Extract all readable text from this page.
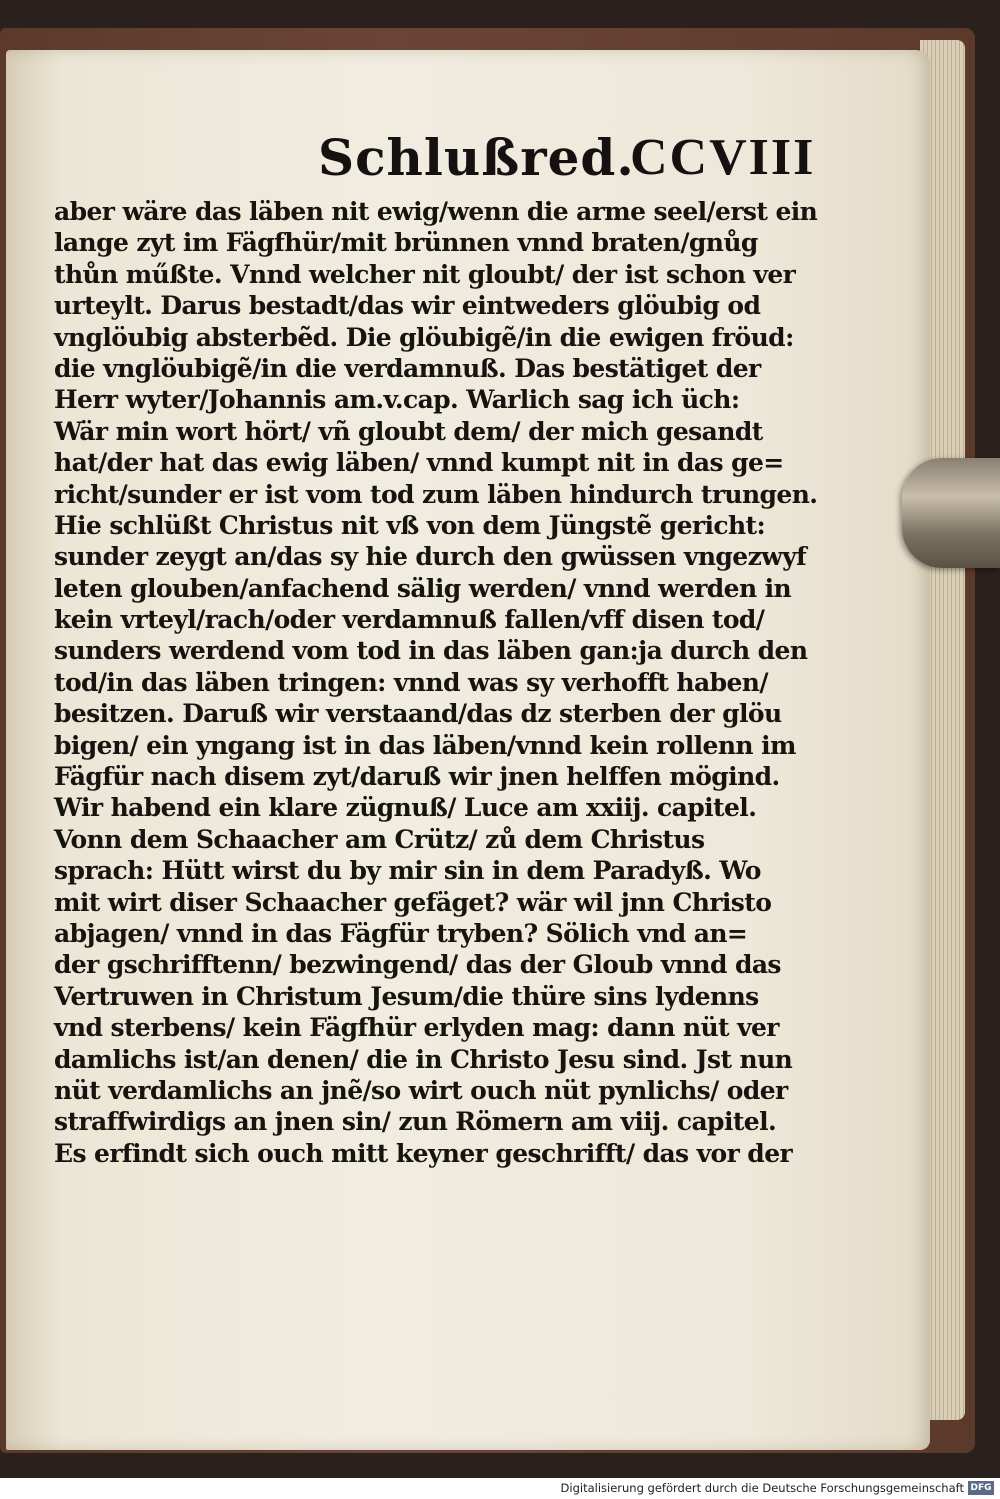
Schlußred.
CCVIII
aber wäre das läben nit ewig/wenn die arme seel/erst ein
lange zyt im Fägfhür/mit brünnen vnnd braten/gnůg
thůn műßte. Vnnd welcher nit gloubt/ der ist schon ver
urteylt. Darus bestadt/das wir eintweders glöubig od
vnglöubig absterbẽd. Die glöubigẽ/in die ewigen fröud:
die vnglöubigẽ/in die verdamnuß. Das bestätiget der
Herr wyter/Johannis am.v.cap. Warlich sag ich üch:
Wär min wort hört/ vñ gloubt dem/ der mich gesandt
hat/der hat das ewig läben/ vnnd kumpt nit in das ge=
richt/sunder er ist vom tod zum läben hindurch trungen.
Hie schlüßt Christus nit vß von dem Jüngstẽ gericht:
sunder zeygt an/das sy hie durch den gwüssen vngezwyf
leten glouben/anfachend sälig werden/ vnnd werden in
kein vrteyl/rach/oder verdamnuß fallen/vff disen tod/
sunders werdend vom tod in das läben gan:ja durch den
tod/in das läben tringen: vnnd was sy verhofft haben/
besitzen. Daruß wir verstaand/das dz sterben der glöu
bigen/ ein yngang ist in das läben/vnnd kein rollenn im
Fägfür nach disem zyt/daruß wir jnen helffen mögind.
Wir habend ein klare zügnuß/ Luce am xxiij. capitel.
Vonn dem Schaacher am Crütz/ zů dem Christus
sprach: Hütt wirst du by mir sin in dem Paradyß. Wo
mit wirt diser Schaacher gefäget? wär wil jnn Christo
abjagen/ vnnd in das Fägfür tryben? Sölich vnd an=
der gschrifftenn/ bezwingend/ das der Gloub vnnd das
Vertruwen in Christum Jesum/die thüre sins lydenns
vnd sterbens/ kein Fägfhür erlyden mag: dann nüt ver
damlichs ist/an denen/ die in Christo Jesu sind. Jst nun
nüt verdamlichs an jnẽ/so wirt ouch nüt pynlichs/ oder
straffwirdigs an jnen sin/ zun Römern am viij. capitel.
Es erfindt sich ouch mitt keyner geschrifft/ das vor der
Digitalisierung gefördert durch die Deutsche Forschungsgemeinschaft DFG
